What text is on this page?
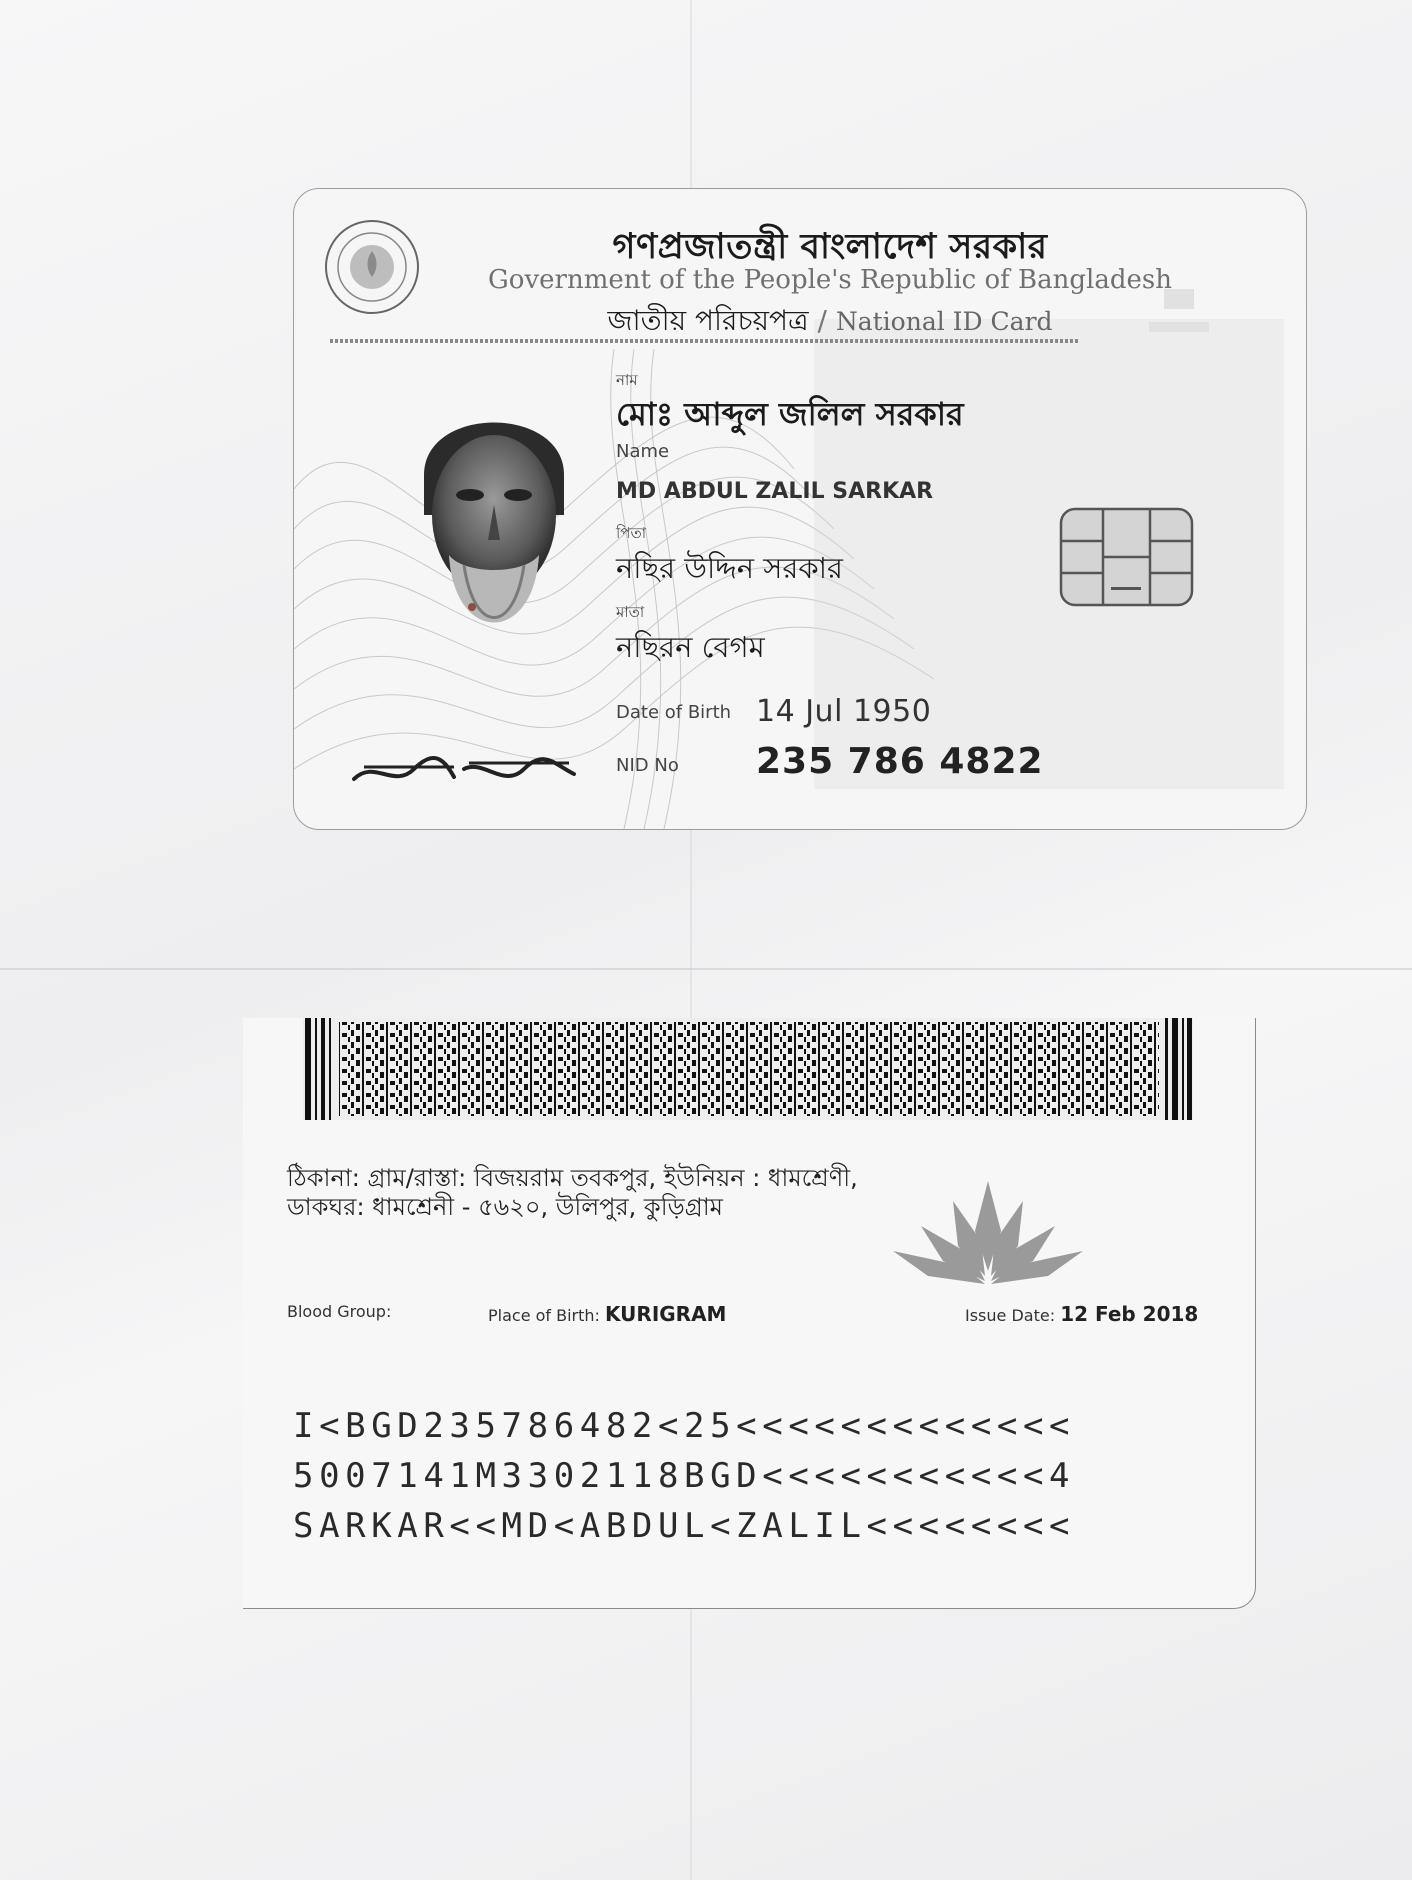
গণপ্রজাতন্ত্রী বাংলাদেশ সরকার
Government of the People's Republic of Bangladesh
জাতীয় পরিচয়পত্র / National ID Card
নাম
মোঃ আব্দুল জলিল সরকার
Name
MD ABDUL ZALIL SARKAR
পিতা
নছির উদ্দিন সরকার
মাতা
নছিরন বেগম
Date of Birth 14 Jul 1950
NID No 235 786 4822
ঠিকানা: গ্রাম/রাস্তা: বিজয়রাম তবকপুর, ইউনিয়ন : ধামশ্রেণী, ডাকঘর: ধামশ্রেনী - ৫৬২০, উলিপুর, কুড়িগ্রাম
Blood Group:	Place of Birth: KURIGRAM	Issue Date: 12 Feb 2018
I<BGD235786482<25<<<<<<<<<<<<<
5007141M3302118BGD<<<<<<<<<<<4
SARKAR<<MD<ABDUL<ZALIL<<<<<<<<
